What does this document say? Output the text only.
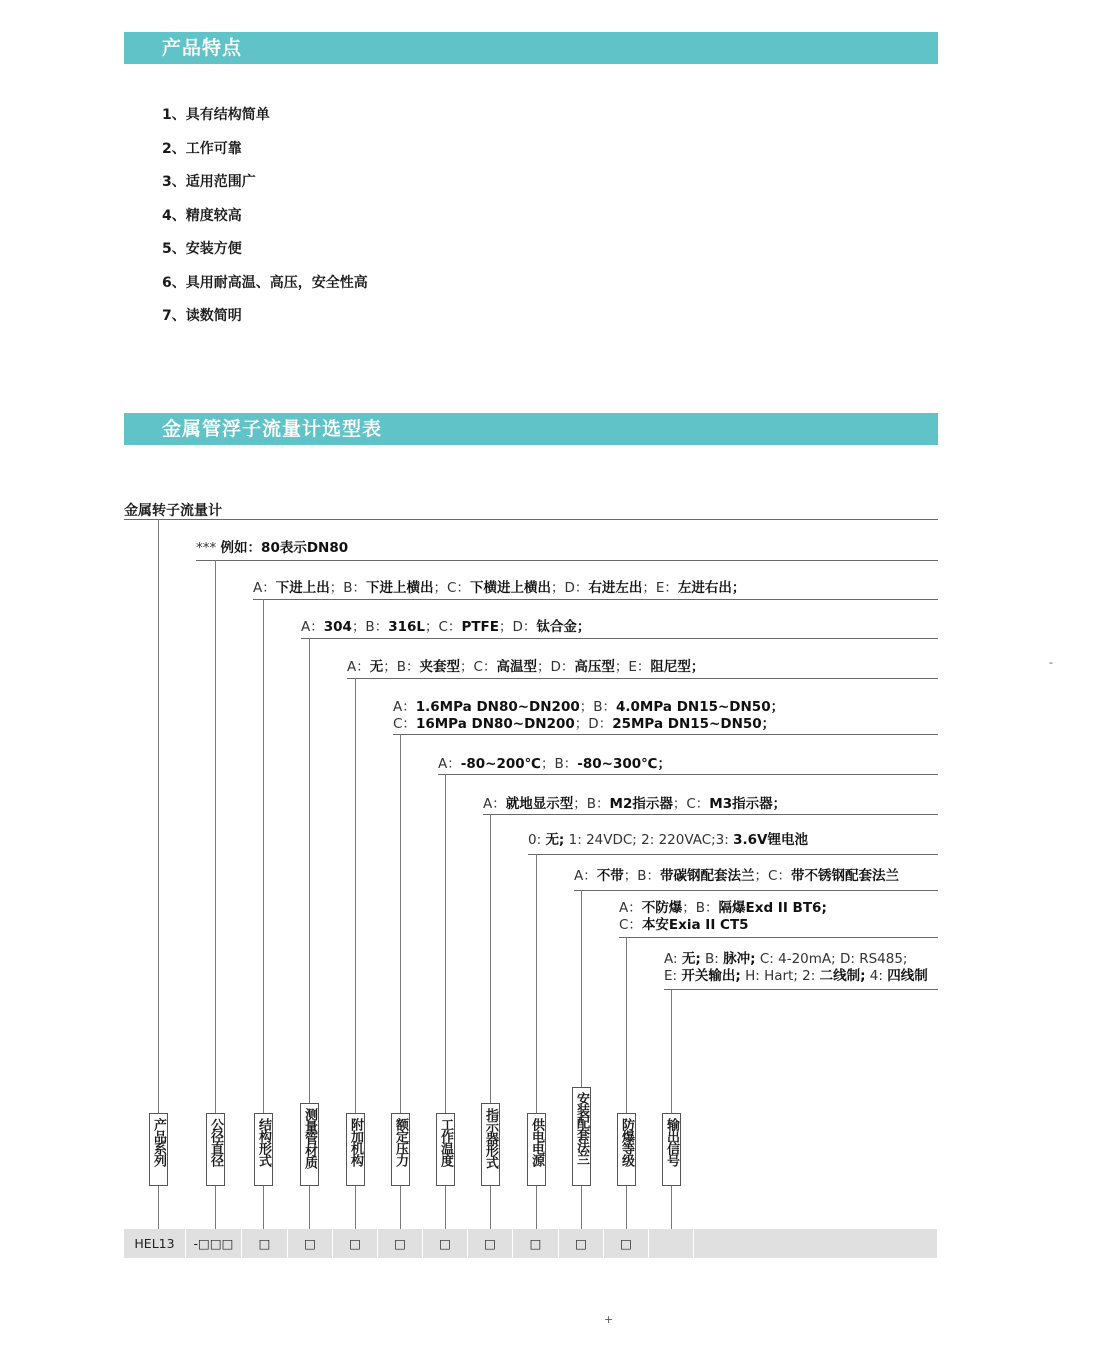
产品特点
1、具有结构简单
2、工作可靠
3、适用范围广
4、精度较高
5、安装方便
6、具用耐高温、高压，安全性高
7、读数简明
金属管浮子流量计选型表
金属转子流量计
*** 例如：80表示DN80
A：下进上出；B：下进上横出；C：下横进上横出；D：右进左出；E：左进右出；
A：304；B：316L；C：PTFE；D：钛合金；
A：无；B：夹套型；C：高温型；D：高压型；E：阻尼型；
A：1.6MPa DN80~DN200；B：4.0MPa DN15~DN50；
C：16MPa DN80~DN200；D：25MPa DN15~DN50；
A：-80~200℃；B：-80~300℃；
A：就地显示型；B：M2指示器；C：M3指示器；
0: 无; 1: 24VDC; 2: 220VAC;3: 3.6V锂电池
A：不带；B：带碳钢配套法兰；C：带不锈钢配套法兰
A：不防爆；B：隔爆Exd II BT6;
C：本安Exia II CT5
A: 无; B: 脉冲; C: 4-20mA; D: RS485;
E: 开关输出; H: Hart; 2: 二线制; 4: 四线制
产品系列	公径直径	结构形式 测量管材质 附加机构 额定压力 工作温度 指示器形式 供电电源 安装配套法兰 防爆等级 输出信号
HEL13	-□□□	□	□	□	□	□	□	□	□	□
-
+
